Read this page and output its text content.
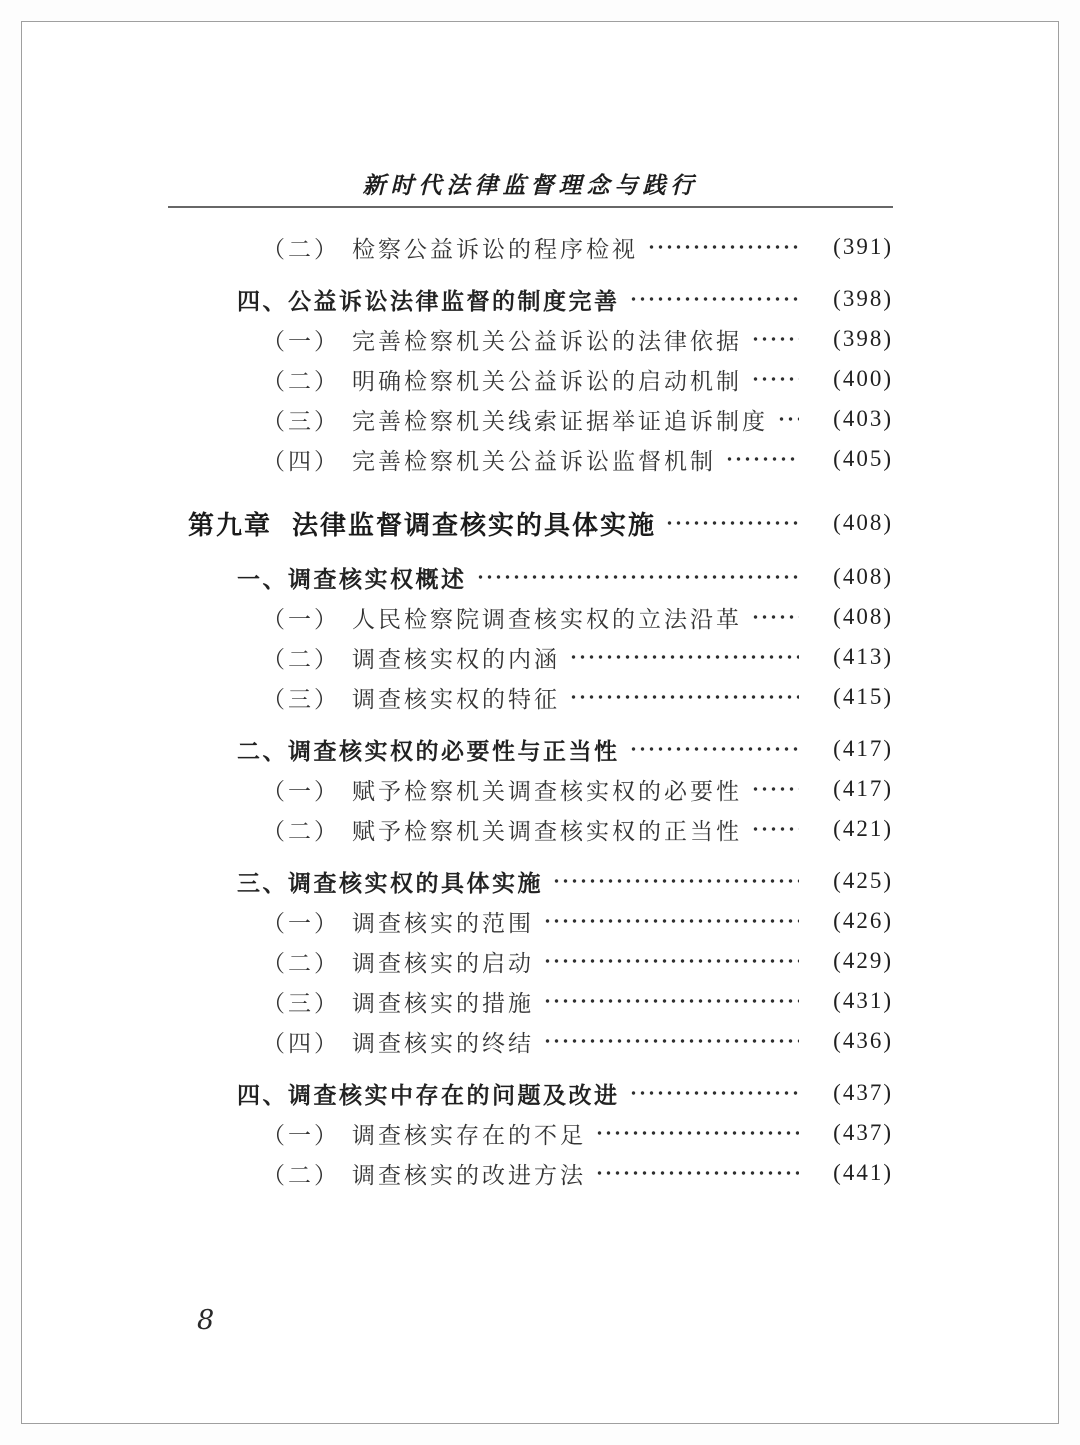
新时代法律监督理念与践行
（二） 检察公益诉讼的程序检视	(391)
四、 公益诉讼法律监督的制度完善	(398)
（一） 完善检察机关公益诉讼的法律依据	(398)
（二） 明确检察机关公益诉讼的启动机制	(400)
（三） 完善检察机关线索证据举证追诉制度	(403)
（四） 完善检察机关公益诉讼监督机制	(405)
第九章 法律监督调查核实的具体实施	(408)
一、 调查核实权概述	(408)
（一） 人民检察院调查核实权的立法沿革	(408)
（二） 调查核实权的内涵	(413)
（三） 调查核实权的特征	(415)
二、 调查核实权的必要性与正当性	(417)
（一） 赋予检察机关调查核实权的必要性	(417)
（二） 赋予检察机关调查核实权的正当性	(421)
三、 调查核实权的具体实施	(425)
（一） 调查核实的范围	(426)
（二） 调查核实的启动	(429)
（三） 调查核实的措施	(431)
（四） 调查核实的终结	(436)
四、 调查核实中存在的问题及改进	(437)
（一） 调查核实存在的不足	(437)
（二） 调查核实的改进方法	(441)
8
